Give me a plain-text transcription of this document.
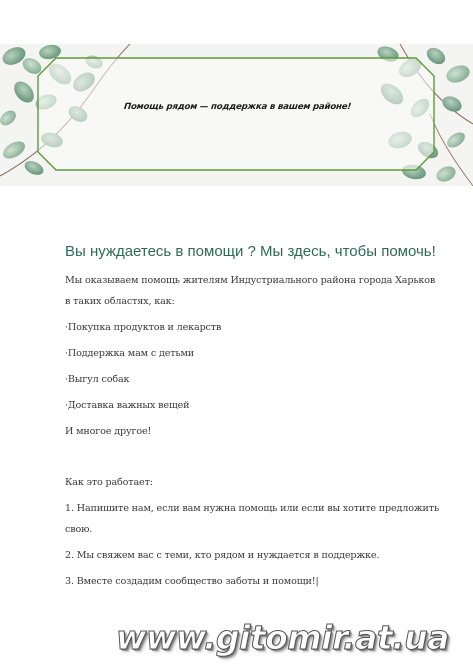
Помощь рядом — поддержка в вашем районе!
Вы нуждаетесь в помощи ? Мы здесь, чтобы помочь!

Мы оказываем помощь жителям Индустриального района города Харьков

в таких областях, как:

·Покупка продуктов и лекарств

·Поддержка мам с детьми

·Выгул собак

·Доставка важных вещей

И многое другое!

Как это работает:

1. Напишите нам, если вам нужна помощь или если вы хотите предложить

свою.

2. Мы свяжем вас с теми, кто рядом и нуждается в поддержке.

3. Вместе создадим сообщество заботы и помощи!|

www.gitomir.at.ua
